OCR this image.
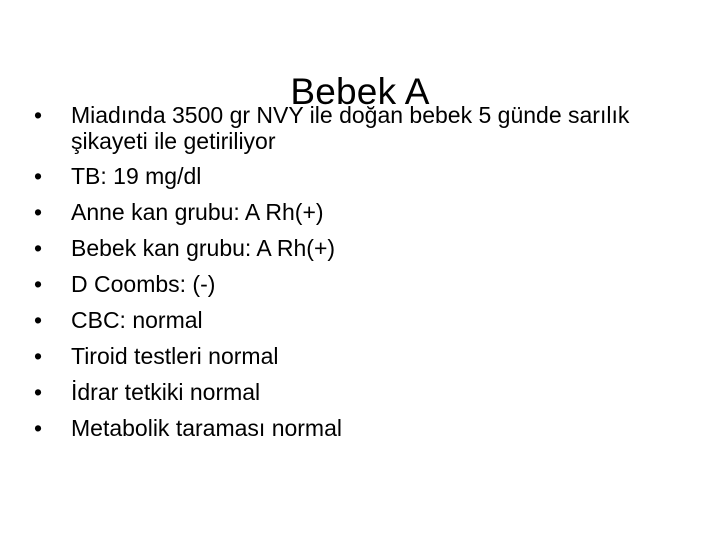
Bebek A
•	Miadında 3500 gr NVY ile doğan bebek 5 günde sarılık şikayeti ile getiriliyor
•	TB: 19 mg/dl
•	Anne kan grubu: A Rh(+)
•	Bebek kan grubu: A Rh(+)
•	D Coombs: (-)
•	CBC: normal
•	Tiroid testleri normal
•	İdrar tetkiki normal
•	Metabolik taraması normal
